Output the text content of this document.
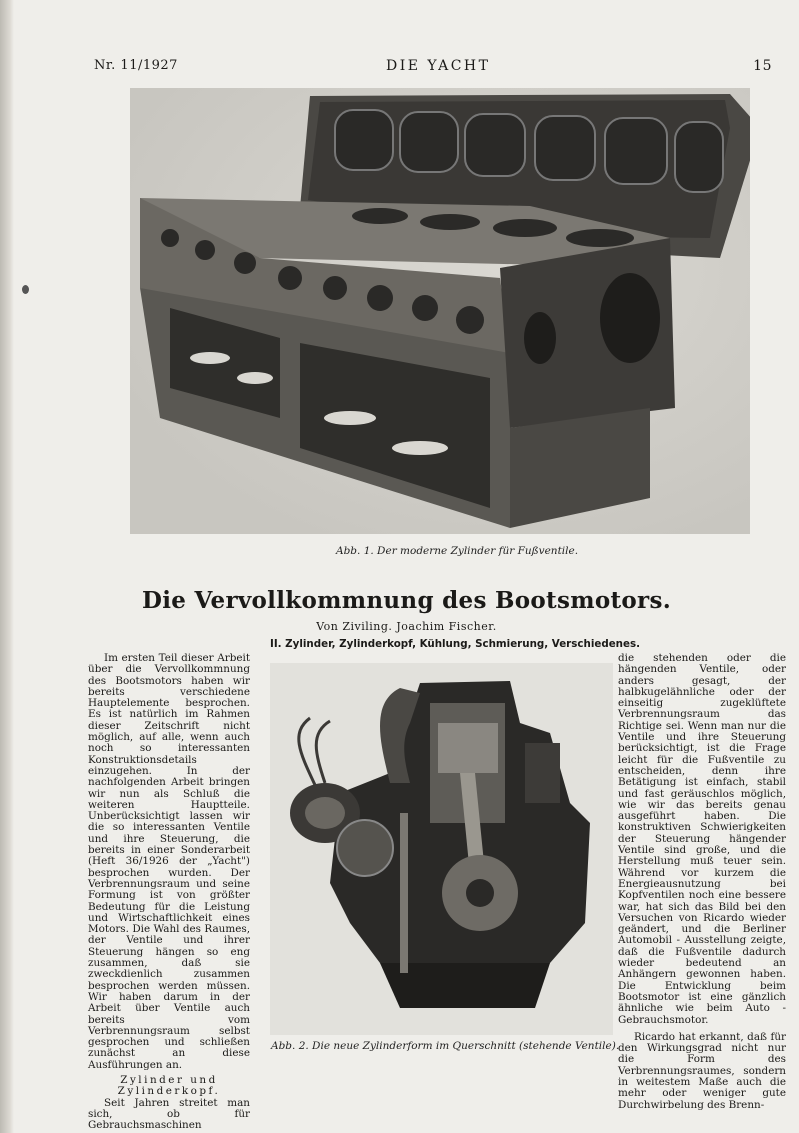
Nr. 11/1927	DIE YACHT	15
Abb. 1. Der moderne Zylinder für Fußventile.
Die Vervollkommnung des Bootsmotors.
Von Ziviling. Joachim Fischer.
II. Zylinder, Zylinderkopf, Kühlung, Schmierung, Verschiedenes.

Im ersten Teil dieser Arbeit über die Vervollkommnung des Bootsmotors haben wir bereits verschiedene Hauptelemente besprochen. Es ist natürlich im Rahmen dieser Zeitschrift nicht möglich, auf alle, wenn auch noch so interessanten Konstruktionsdetails einzugehen. In der nachfolgenden Arbeit bringen wir nun als Schluß die weiteren Hauptteile. Unberücksichtigt lassen wir die so interessanten Ventile und ihre Steuerung, die bereits in einer Sonderarbeit (Heft 36/1926 der „Yacht") besprochen wurden. Der Verbrennungsraum und seine Formung ist von größter Bedeutung für die Leistung und Wirtschaftlichkeit eines Motors. Die Wahl des Raumes, der Ventile und ihrer Steuerung hängen so eng zusammen, daß sie zweckdienlich zusammen besprochen werden müssen. Wir haben darum in der Arbeit über Ventile auch bereits vom Verbrennungsraum selbst gesprochen und schließen zunächst an diese Ausführungen an.

Zylinder und

Zylinderkopf.

Seit Jahren streitet man sich, ob für Gebrauchsmaschinen

Abb. 2. Die neue Zylinderform im Querschnitt (stehende Ventile).

die stehenden oder die hängenden Ventile, oder anders gesagt, der halbkugelähnliche oder der einseitig zugeklüftete Verbrennungsraum das Richtige sei. Wenn man nur die Ventile und ihre Steuerung berücksichtigt, ist die Frage leicht für die Fußventile zu entscheiden, denn ihre Betätigung ist einfach, stabil und fast geräuschlos möglich, wie wir das bereits genau ausgeführt haben. Die konstruktiven Schwierigkeiten der Steuerung hängender Ventile sind große, und die Herstellung muß teuer sein. Während vor kurzem die Energieausnutzung bei Kopfventilen noch eine bessere war, hat sich das Bild bei den Versuchen von Ricardo wieder geändert, und die Berliner Automobil - Ausstellung zeigte, daß die Fußventile dadurch wieder bedeutend an Anhängern gewonnen haben. Die Entwicklung beim Bootsmotor ist eine gänzlich ähnliche wie beim Auto - Gebrauchsmotor.

Ricardo hat erkannt, daß für den Wirkungsgrad nicht nur die Form des Verbrennungsraumes, sondern in weitestem Maße auch die mehr oder weniger gute Durchwirbelung des Brenn-
